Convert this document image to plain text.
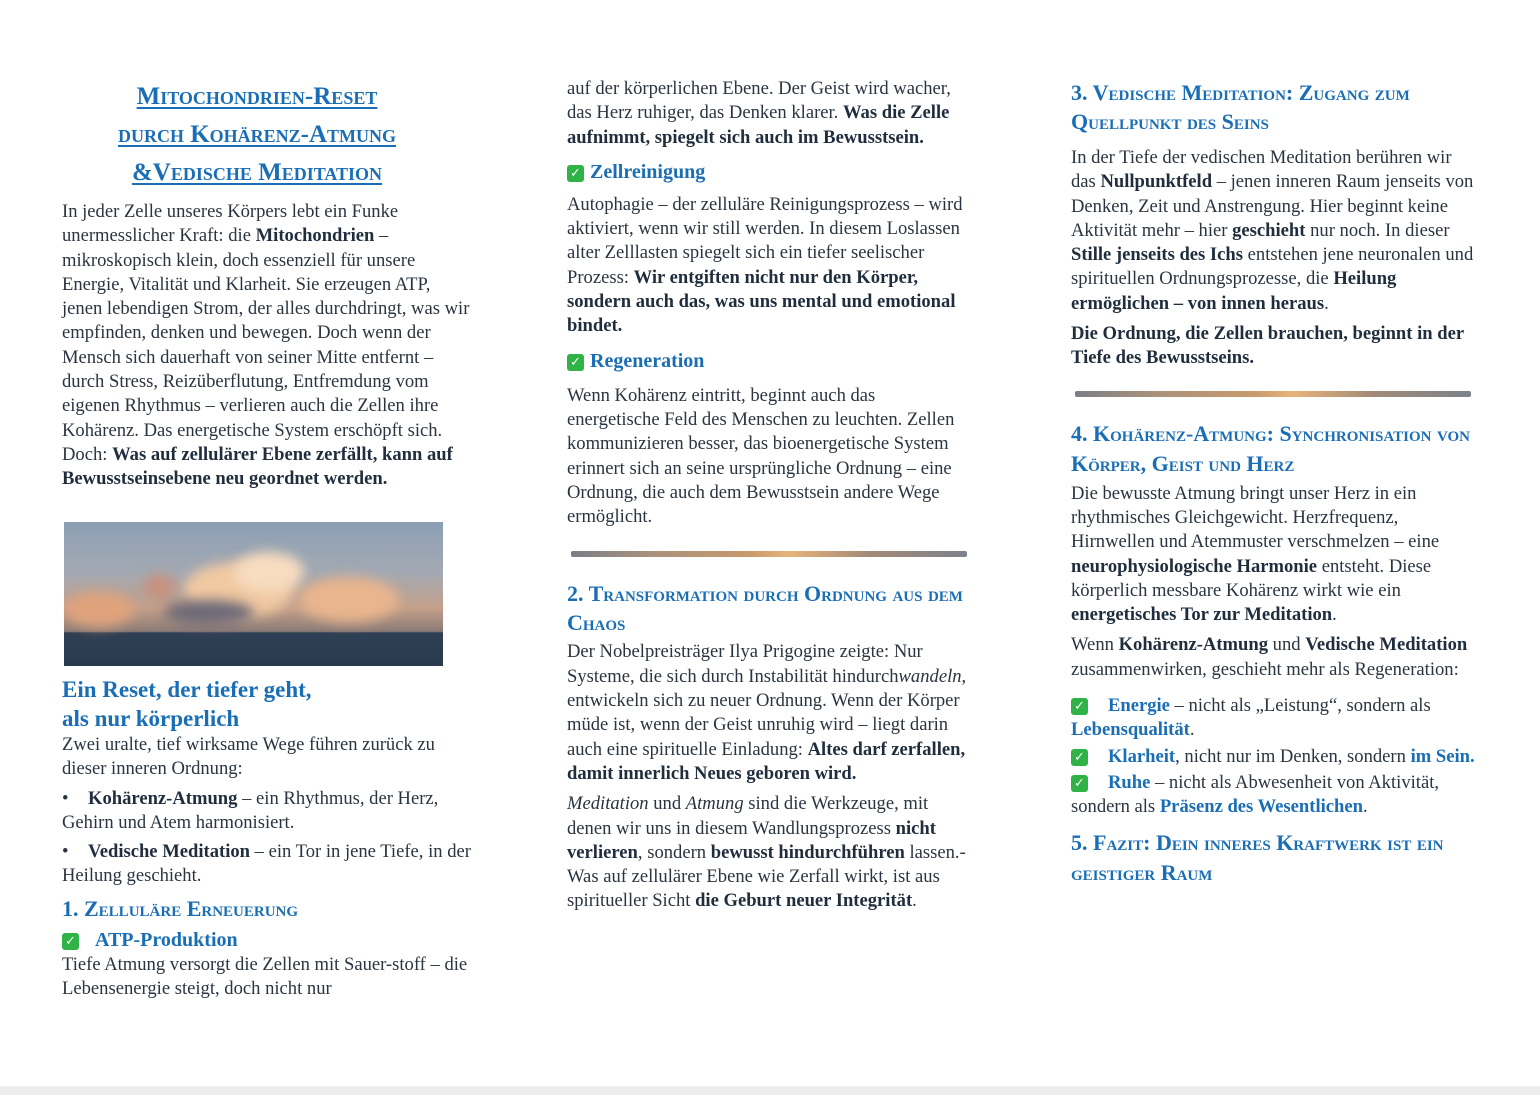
Mitochondrien-Reset
durch Kohärenz-Atmung
&Vedische Meditation

In jeder Zelle unseres Körpers lebt ein Funke unermesslicher Kraft: die Mitochondrien – mikroskopisch klein, doch essenziell für unsere Energie, Vitalität und Klarheit. Sie erzeugen ATP, jenen lebendigen Strom, der alles durchdringt, was wir empfinden, denken und bewegen. Doch wenn der Mensch sich dauerhaft von seiner Mitte entfernt – durch Stress, Reizüberflutung, Entfremdung vom eigenen Rhythmus – verlieren auch die Zellen ihre Kohärenz. Das energetische System erschöpft sich. Doch: Was auf zellulärer Ebene zerfällt, kann auf Bewusstseinsebene neu geordnet werden.

Ein Reset, der tiefer geht,
als nur körperlich

Zwei uralte, tief wirksame Wege führen zurück zu dieser inneren Ordnung:

• Kohärenz-Atmung – ein Rhythmus, der Herz, Gehirn und Atem harmonisiert.

• Vedische Meditation – ein Tor in jene Tiefe, in der Heilung geschieht.

1. Zelluläre Erneuerung
✓ ATP-Produktion

Tiefe Atmung versorgt die Zellen mit Sauer-stoff – die Lebensenergie steigt, doch nicht nur

auf der körperlichen Ebene. Der Geist wird wacher, das Herz ruhiger, das Denken klarer. Was die Zelle aufnimmt, spiegelt sich auch im Bewusstsein.

✓ Zellreinigung

Autophagie – der zelluläre Reinigungsprozess – wird aktiviert, wenn wir still werden. In diesem Loslassen alter Zelllasten spiegelt sich ein tiefer seelischer Prozess: Wir entgiften nicht nur den Körper, sondern auch das, was uns mental und emotional bindet.

✓ Regeneration

Wenn Kohärenz eintritt, beginnt auch das energetische Feld des Menschen zu leuchten. Zellen kommunizieren besser, das bioenergetische System erinnert sich an seine ursprüngliche Ordnung – eine Ordnung, die auch dem Bewusstsein andere Wege ermöglicht.

2. Transformation durch Ordnung aus dem Chaos

Der Nobelpreisträger Ilya Prigogine zeigte: Nur Systeme, die sich durch Instabilität hindurchwandeln, entwickeln sich zu neuer Ordnung. Wenn der Körper müde ist, wenn der Geist unruhig wird – liegt darin auch eine spirituelle Einladung: Altes darf zerfallen, damit innerlich Neues geboren wird.

Meditation und Atmung sind die Werkzeuge, mit denen wir uns in diesem Wandlungsprozess nicht verlieren, sondern bewusst hindurchführen lassen.- Was auf zellulärer Ebene wie Zerfall wirkt, ist aus spiritueller Sicht die Geburt neuer Integrität.

3. Vedische Meditation: Zugang zum Quellpunkt des Seins

In der Tiefe der vedischen Meditation berühren wir das Nullpunktfeld – jenen inneren Raum jenseits von Denken, Zeit und Anstrengung. Hier beginnt keine Aktivität mehr – hier geschieht nur noch. In dieser Stille jenseits des Ichs entstehen jene neuronalen und spirituellen Ordnungsprozesse, die Heilung ermöglichen – von innen heraus.

Die Ordnung, die Zellen brauchen, beginnt in der Tiefe des Bewusstseins.

4. Kohärenz-Atmung: Synchronisation von Körper, Geist und Herz

Die bewusste Atmung bringt unser Herz in ein rhythmisches Gleichgewicht. Herzfrequenz, Hirnwellen und Atemmuster verschmelzen – eine neurophysiologische Harmonie entsteht. Diese körperlich messbare Kohärenz wirkt wie ein energetisches Tor zur Meditation.

Wenn Kohärenz-Atmung und Vedische Meditation zusammenwirken, geschieht mehr als Regeneration:

✓ Energie – nicht als „Leistung“, sondern als Lebensqualität.

✓ Klarheit, nicht nur im Denken, sondern im Sein.

✓ Ruhe – nicht als Abwesenheit von Aktivität, sondern als Präsenz des Wesentlichen.

5. Fazit: Dein inneres Kraftwerk ist ein geistiger Raum
